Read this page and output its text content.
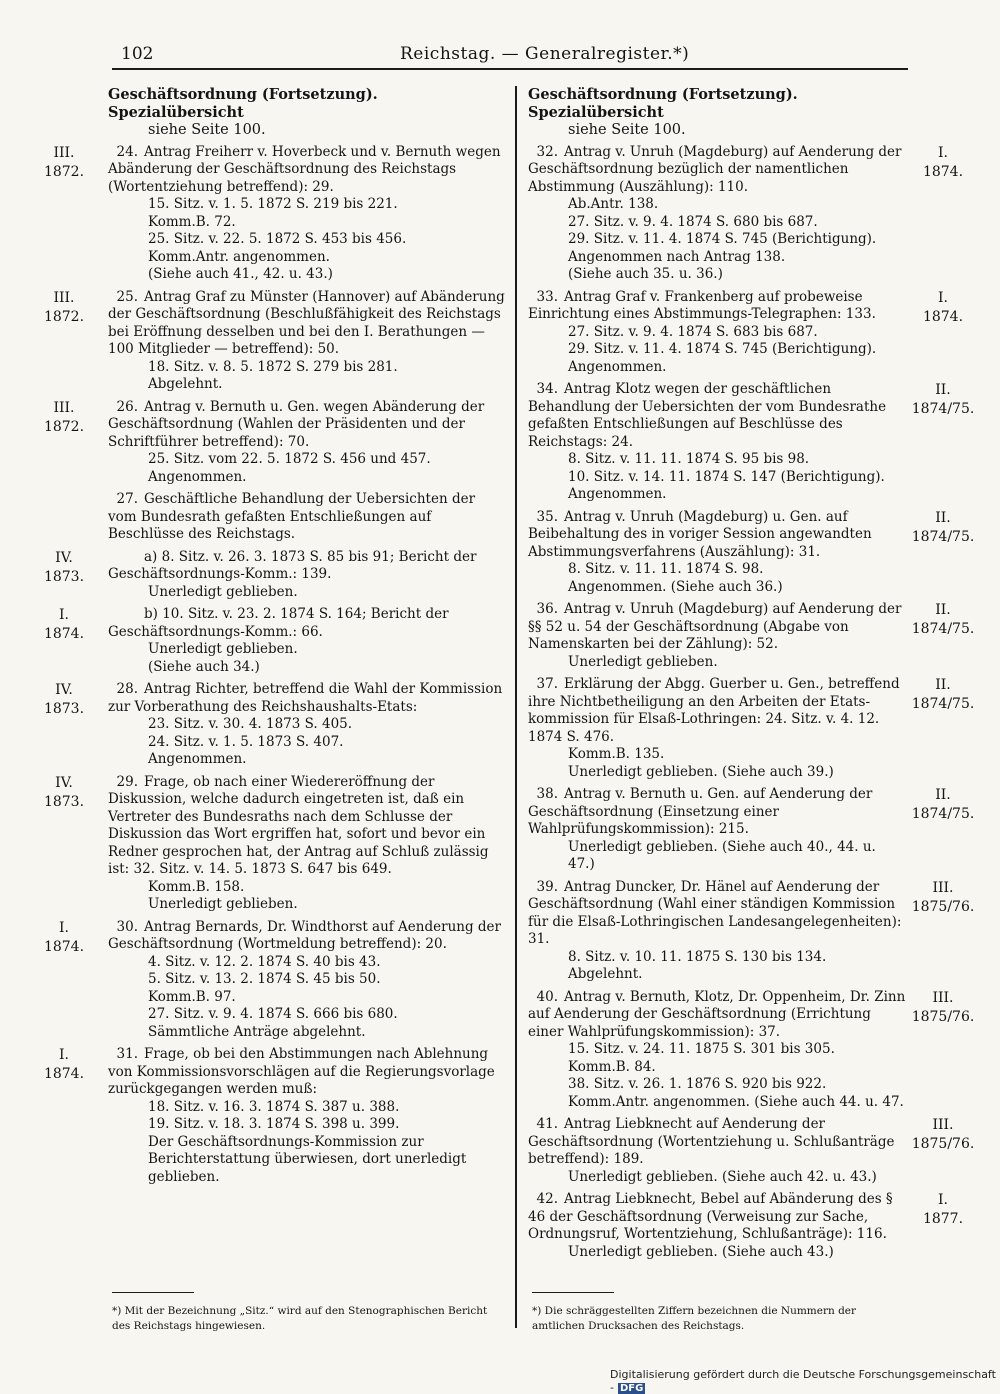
102	Reichstag. — Generalregister.*)
Geschäftsordnung (Fortsetzung). Spezialübersicht
siehe Seite 100.
III.
1872.

24. Antrag Freiherr v. Hoverbeck und v. Bernuth wegen Abänderung der Geschäftsordnung des Reichstags (Wortentziehung betreffend): 29.

15. Sitz. v. 1. 5. 1872 S. 219 bis 221.

Komm.B. 72.

25. Sitz. v. 22. 5. 1872 S. 453 bis 456.

Komm.Antr. angenommen.

(Siehe auch 41., 42. u. 43.)

III.
1872.

25. Antrag Graf zu Münster (Hannover) auf Abänderung der Geschäftsordnung (Beschlußfähigkeit des Reichstags bei Eröffnung desselben und bei den I. Berathungen — 100 Mitglieder — betreffend): 50.

18. Sitz. v. 8. 5. 1872 S. 279 bis 281.

Abgelehnt.

III.
1872.

26. Antrag v. Bernuth u. Gen. wegen Abänderung der Geschäftsordnung (Wahlen der Präsidenten und der Schriftführer betreffend): 70.

25. Sitz. vom 22. 5. 1872 S. 456 und 457.

Angenommen.

27. Geschäftliche Behandlung der Uebersichten der vom Bundesrath gefaßten Entschließungen auf Beschlüsse des Reichstags.

IV.
1873.

a) 8. Sitz. v. 26. 3. 1873 S. 85 bis 91; Bericht der Geschäftsordnungs-Komm.: 139.

Unerledigt geblieben.

I.
1874.

b) 10. Sitz. v. 23. 2. 1874 S. 164; Bericht der Geschäftsordnungs-Komm.: 66.

Unerledigt geblieben.

(Siehe auch 34.)

IV.
1873.

28. Antrag Richter, betreffend die Wahl der Kommission zur Vorberathung des Reichshaushalts-Etats:

23. Sitz. v. 30. 4. 1873 S. 405.

24. Sitz. v. 1. 5. 1873 S. 407.

Angenommen.

IV.
1873.

29. Frage, ob nach einer Wiedereröffnung der Diskussion, welche dadurch eingetreten ist, daß ein Vertreter des Bundesraths nach dem Schlusse der Diskussion das Wort ergriffen hat, sofort und bevor ein Redner gesprochen hat, der Antrag auf Schluß zulässig ist: 32. Sitz. v. 14. 5. 1873 S. 647 bis 649.

Komm.B. 158.

Unerledigt geblieben.

I.
1874.

30. Antrag Bernards, Dr. Windthorst auf Aenderung der Geschäftsordnung (Wortmeldung betreffend): 20.

4. Sitz. v. 12. 2. 1874 S. 40 bis 43.

5. Sitz. v. 13. 2. 1874 S. 45 bis 50.

Komm.B. 97.

27. Sitz. v. 9. 4. 1874 S. 666 bis 680.

Sämmtliche Anträge abgelehnt.

I.
1874.

31. Frage, ob bei den Abstimmungen nach Ablehnung von Kommissionsvorschlägen auf die Regierungsvorlage zurückgegangen werden muß:

18. Sitz. v. 16. 3. 1874 S. 387 u. 388.

19. Sitz. v. 18. 3. 1874 S. 398 u. 399.

Der Geschäftsordnungs-Kommission zur Berichterstattung überwiesen, dort unerledigt geblieben.

Geschäftsordnung (Fortsetzung). Spezialübersicht
siehe Seite 100.
I.
1874.

32. Antrag v. Unruh (Magdeburg) auf Aenderung der Geschäftsordnung bezüglich der namentlichen Abstimmung (Auszählung): 110.

Ab.Antr. 138.

27. Sitz. v. 9. 4. 1874 S. 680 bis 687.

29. Sitz. v. 11. 4. 1874 S. 745 (Berichtigung).

Angenommen nach Antrag 138.

(Siehe auch 35. u. 36.)

I.
1874.

33. Antrag Graf v. Frankenberg auf probeweise Einrichtung eines Abstimmungs-Telegraphen: 133.

27. Sitz. v. 9. 4. 1874 S. 683 bis 687.

29. Sitz. v. 11. 4. 1874 S. 745 (Berichtigung).

Angenommen.

II.
1874/75.

34. Antrag Klotz wegen der geschäftlichen Behandlung der Uebersichten der vom Bundesrathe gefaßten Entschließungen auf Beschlüsse des Reichstags: 24.

8. Sitz. v. 11. 11. 1874 S. 95 bis 98.

10. Sitz. v. 14. 11. 1874 S. 147 (Berichtigung).

Angenommen.

II.
1874/75.

35. Antrag v. Unruh (Magdeburg) u. Gen. auf Beibehaltung des in voriger Session angewandten Abstimmungsverfahrens (Auszählung): 31.

8. Sitz. v. 11. 11. 1874 S. 98.

Angenommen. (Siehe auch 36.)

II.
1874/75.

36. Antrag v. Unruh (Magdeburg) auf Aenderung der §§ 52 u. 54 der Geschäftsordnung (Abgabe von Namenskarten bei der Zählung): 52.

Unerledigt geblieben.

II.
1874/75.

37. Erklärung der Abgg. Guerber u. Gen., betreffend ihre Nichtbetheiligung an den Arbeiten der Etats-kommission für Elsaß-Lothringen: 24. Sitz. v. 4. 12. 1874 S. 476.

Komm.B. 135.

Unerledigt geblieben. (Siehe auch 39.)

II.
1874/75.

38. Antrag v. Bernuth u. Gen. auf Aenderung der Geschäftsordnung (Einsetzung einer Wahlprüfungskommission): 215.

Unerledigt geblieben. (Siehe auch 40., 44. u. 47.)

III.
1875/76.

39. Antrag Duncker, Dr. Hänel auf Aenderung der Geschäftsordnung (Wahl einer ständigen Kommission für die Elsaß-Lothringischen Landesangelegenheiten): 31.

8. Sitz. v. 10. 11. 1875 S. 130 bis 134.

Abgelehnt.

III.
1875/76.

40. Antrag v. Bernuth, Klotz, Dr. Oppenheim, Dr. Zinn auf Aenderung der Geschäftsordnung (Errichtung einer Wahlprüfungskommission): 37.

15. Sitz. v. 24. 11. 1875 S. 301 bis 305.

Komm.B. 84.

38. Sitz. v. 26. 1. 1876 S. 920 bis 922.

Komm.Antr. angenommen. (Siehe auch 44. u. 47.

III.
1875/76.

41. Antrag Liebknecht auf Aenderung der Geschäftsordnung (Wortentziehung u. Schlußanträge betreffend): 189.

Unerledigt geblieben. (Siehe auch 42. u. 43.)

I.
1877.

42. Antrag Liebknecht, Bebel auf Abänderung des § 46 der Geschäftsordnung (Verweisung zur Sache, Ordnungsruf, Wortentziehung, Schlußanträge): 116.

Unerledigt geblieben. (Siehe auch 43.)

*) Mit der Bezeichnung „Sitz.“ wird auf den Stenographischen Bericht des Reichstags hingewiesen.
*) Die schräggestellten Ziffern bezeichnen die Nummern der amtlichen Drucksachen des Reichstags.
Digitalisierung gefördert durch die Deutsche Forschungsgemeinschaft - DFG
